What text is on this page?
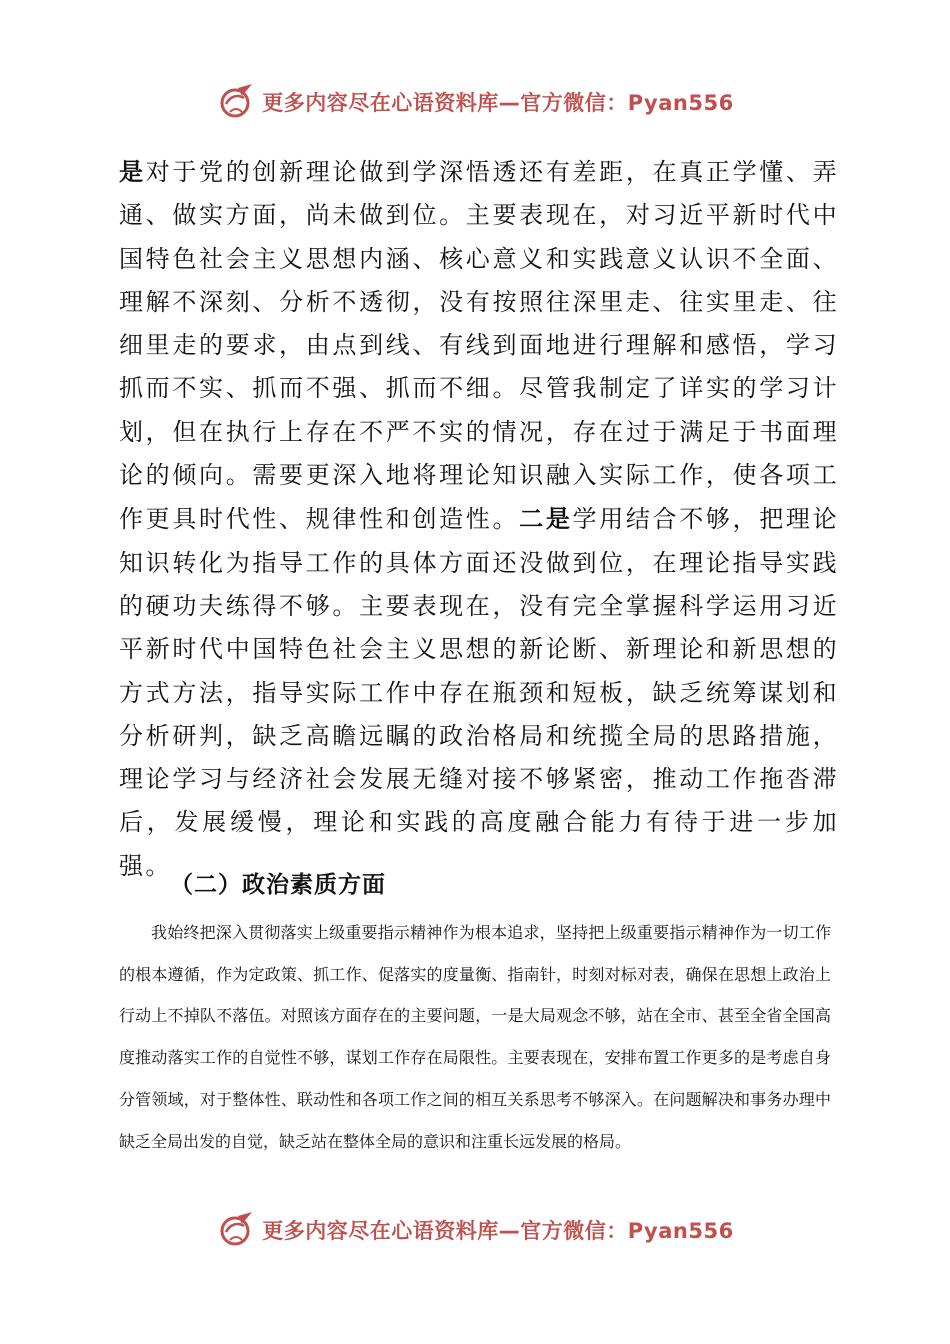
更多内容尽在心语资料库—官方微信：Pyan556

是对于党的创新理论做到学深悟透还有差距，在真正学懂、弄通、做实方面，尚未做到位。主要表现在，对习近平新时代中国特色社会主义思想内涵、核心意义和实践意义认识不全面、理解不深刻、分析不透彻，没有按照往深里走、往实里走、往细里走的要求，由点到线、有线到面地进行理解和感悟，学习抓而不实、抓而不强、抓而不细。尽管我制定了详实的学习计划，但在执行上存在不严不实的情况，存在过于满足于书面理论的倾向。需要更深入地将理论知识融入实际工作，使各项工作更具时代性、规律性和创造性。二是学用结合不够，把理论知识转化为指导工作的具体方面还没做到位，在理论指导实践的硬功夫练得不够。主要表现在，没有完全掌握科学运用习近平新时代中国特色社会主义思想的新论断、新理论和新思想的方式方法，指导实际工作中存在瓶颈和短板，缺乏统筹谋划和分析研判，缺乏高瞻远瞩的政治格局和统揽全局的思路措施，理论学习与经济社会发展无缝对接不够紧密，推动工作拖沓滞后，发展缓慢，理论和实践的高度融合能力有待于进一步加强。

（二）政治素质方面

我始终把深入贯彻落实上级重要指示精神作为根本追求，坚持把上级重要指示精神作为一切工作的根本遵循，作为定政策、抓工作、促落实的度量衡、指南针，时刻对标对表，确保在思想上政治上行动上不掉队不落伍。对照该方面存在的主要问题，一是大局观念不够，站在全市、甚至全省全国高度推动落实工作的自觉性不够，谋划工作存在局限性。主要表现在，安排布置工作更多的是考虑自身分管领域，对于整体性、联动性和各项工作之间的相互关系思考不够深入。在问题解决和事务办理中缺乏全局出发的自觉，缺乏站在整体全局的意识和注重长远发展的格局。

更多内容尽在心语资料库—官方微信：Pyan556
